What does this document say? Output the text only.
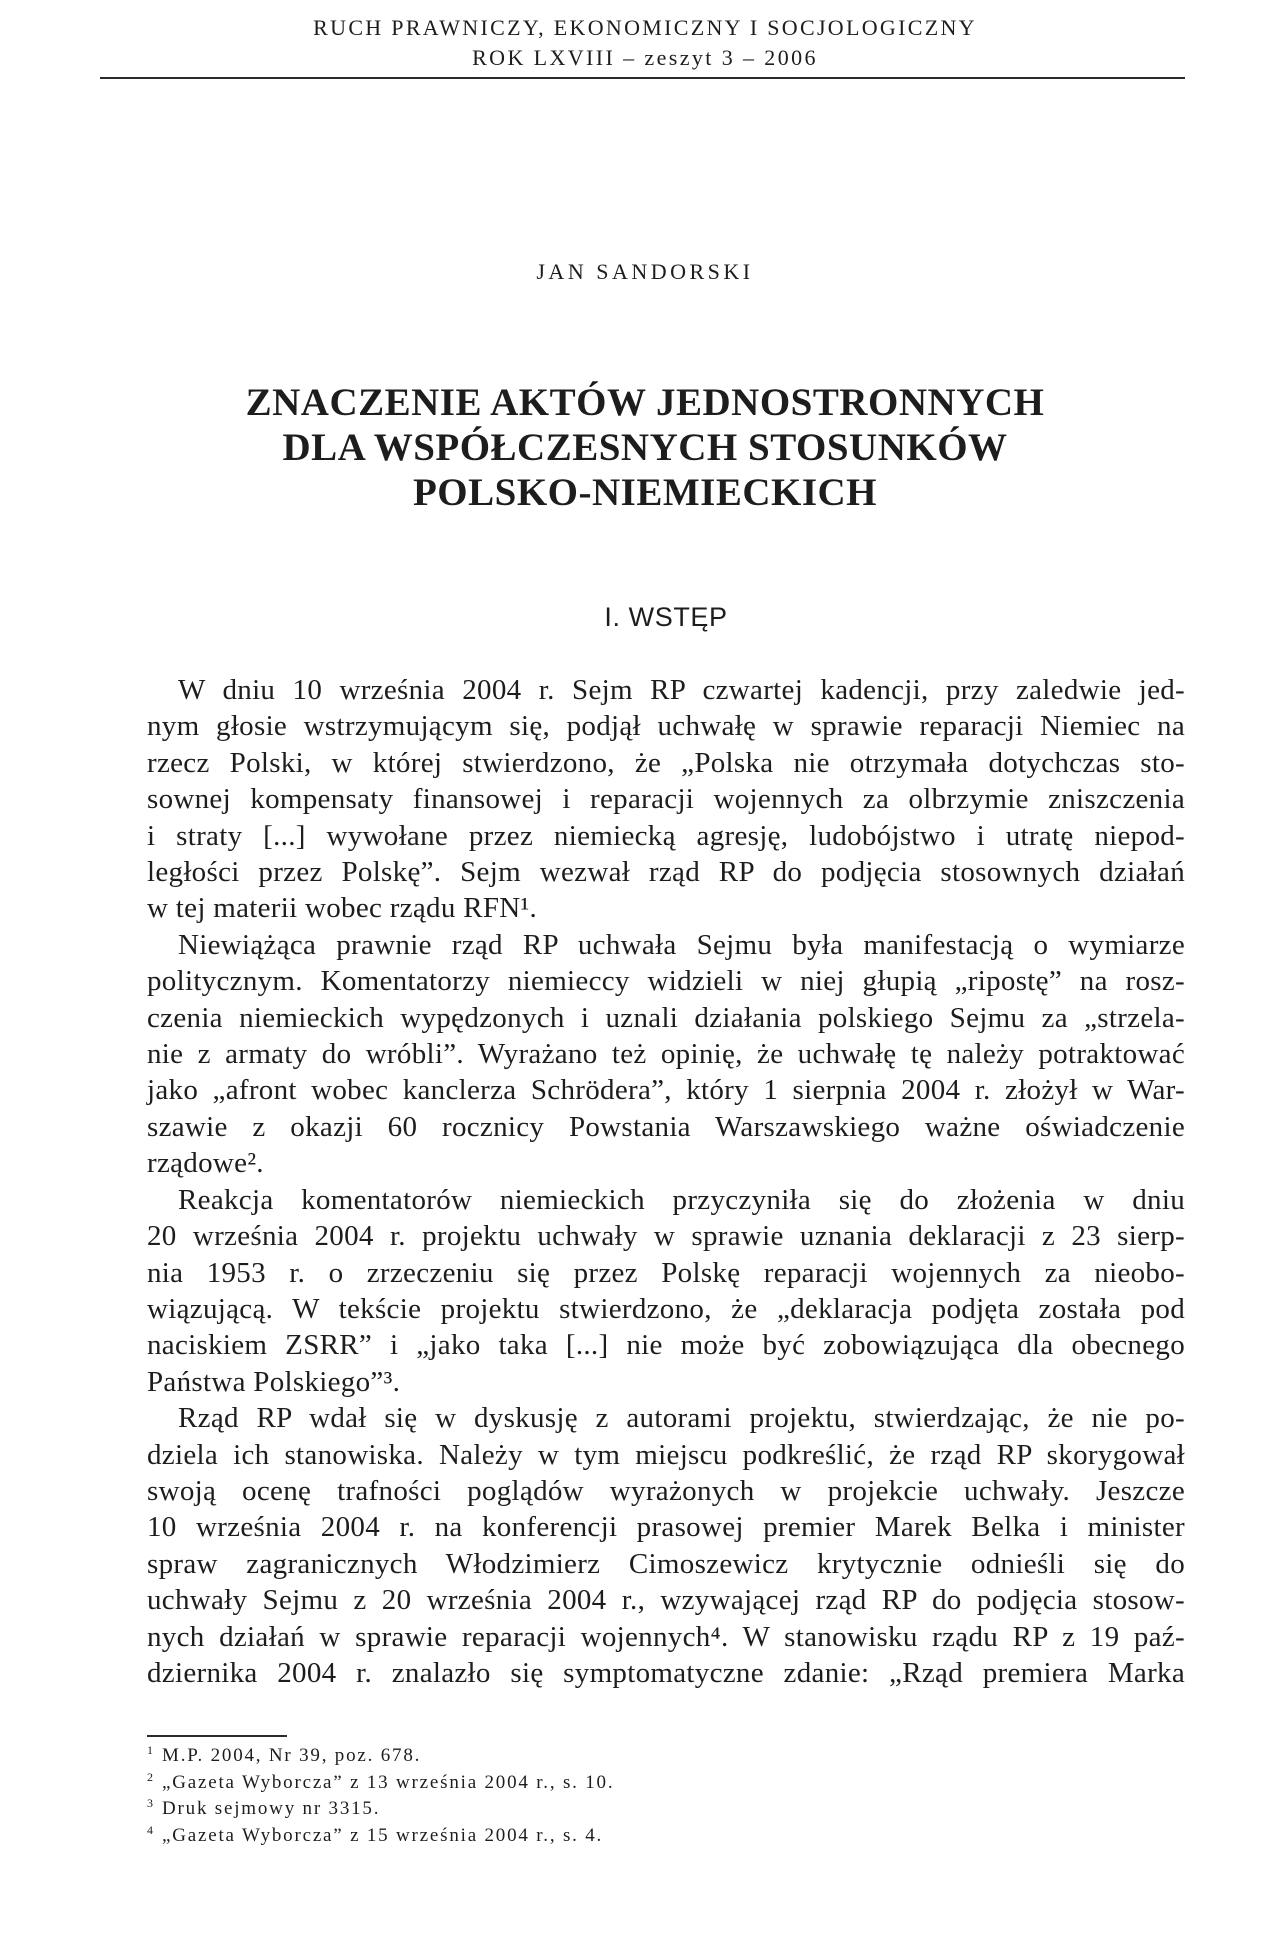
RUCH PRAWNICZY, EKONOMICZNY I SOCJOLOGICZNY
ROK LXVIII – zeszyt 3 – 2006
JAN SANDORSKI
ZNACZENIE AKTÓW JEDNOSTRONNYCH
DLA WSPÓŁCZESNYCH STOSUNKÓW
POLSKO-NIEMIECKICH
I. WSTĘP
W dniu 10 września 2004 r. Sejm RP czwartej kadencji, przy zaledwie jed-
nym głosie wstrzymującym się, podjął uchwałę w sprawie reparacji Niemiec na
rzecz Polski, w której stwierdzono, że „Polska nie otrzymała dotychczas sto-
sownej kompensaty finansowej i reparacji wojennych za olbrzymie zniszczenia
i straty [...] wywołane przez niemiecką agresję, ludobójstwo i utratę niepod-
ległości przez Polskę”. Sejm wezwał rząd RP do podjęcia stosownych działań
w tej materii wobec rządu RFN¹.
Niewiążąca prawnie rząd RP uchwała Sejmu była manifestacją o wymiarze
politycznym. Komentatorzy niemieccy widzieli w niej głupią „ripostę” na rosz-
czenia niemieckich wypędzonych i uznali działania polskiego Sejmu za „strzela-
nie z armaty do wróbli”. Wyrażano też opinię, że uchwałę tę należy potraktować
jako „afront wobec kanclerza Schrödera”, który 1 sierpnia 2004 r. złożył w War-
szawie z okazji 60 rocznicy Powstania Warszawskiego ważne oświadczenie
rządowe².
Reakcja komentatorów niemieckich przyczyniła się do złożenia w dniu
20 września 2004 r. projektu uchwały w sprawie uznania deklaracji z 23 sierp-
nia 1953 r. o zrzeczeniu się przez Polskę reparacji wojennych za nieobo-
wiązującą. W tekście projektu stwierdzono, że „deklaracja podjęta została pod
naciskiem ZSRR” i „jako taka [...] nie może być zobowiązująca dla obecnego
Państwa Polskiego”³.
Rząd RP wdał się w dyskusję z autorami projektu, stwierdzając, że nie po-
dziela ich stanowiska. Należy w tym miejscu podkreślić, że rząd RP skorygował
swoją ocenę trafności poglądów wyrażonych w projekcie uchwały. Jeszcze
10 września 2004 r. na konferencji prasowej premier Marek Belka i minister
spraw zagranicznych Włodzimierz Cimoszewicz krytycznie odnieśli się do
uchwały Sejmu z 20 września 2004 r., wzywającej rząd RP do podjęcia stosow-
nych działań w sprawie reparacji wojennych⁴. W stanowisku rządu RP z 19 paź-
dziernika 2004 r. znalazło się symptomatyczne zdanie: „Rząd premiera Marka
1 M.P. 2004, Nr 39, poz. 678.
2 „Gazeta Wyborcza” z 13 września 2004 r., s. 10.
3 Druk sejmowy nr 3315.
4 „Gazeta Wyborcza” z 15 września 2004 r., s. 4.
